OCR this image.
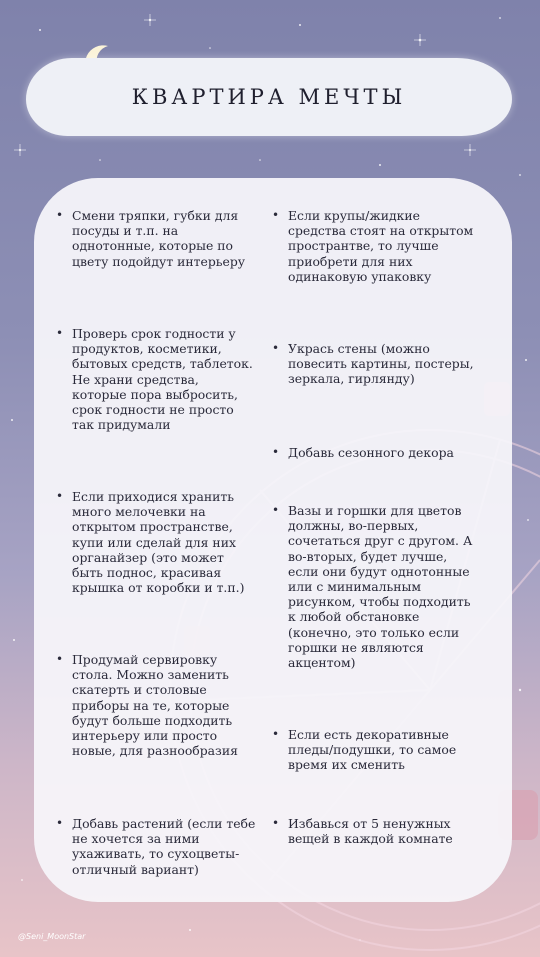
КВАРТИРА МЕЧТЫ
• Смени тряпки, губки для посуды и т.п. на однотонные, которые по цвету подойдут интерьеру
• Проверь срок годности у продуктов, косметики, бытовых средств, таблеток. Не храни средства, которые пора выбросить, срок годности не просто так придумали
• Если приходися хранить много мелочевки на открытом пространстве, купи или сделай для них органайзер (это может быть поднос, красивая крышка от коробки и т.п.)
• Продумай сервировку стола. Можно заменить скатерть и столовые приборы на те, которые будут больше подходить интерьеру или просто новые, для разнообразия
• Добавь растений (если тебе не хочется за ними ухаживать, то сухоцветы-отличный вариант)
• Если крупы/жидкие средства стоят на открытом прострaнтве, то лучше приобрети для них одинаковую упаковку
• Укрась стены (можно повесить картины, постеры, зеркала, гирлянду)
• Добавь сезонного декора
• Вазы и горшки для цветов должны, во-первых, сочетаться друг с другом. А во-вторых, будет лучше, если они будут однотонные или с минимальным рисунком, чтобы подходить к любой обстановке (конечно, это только если горшки не являются акцентом)
• Если есть декоративные пледы/подушки, то самое время их сменить
• Избавься от 5 ненужных вещей в каждой комнате
@Seni_MoonStar
